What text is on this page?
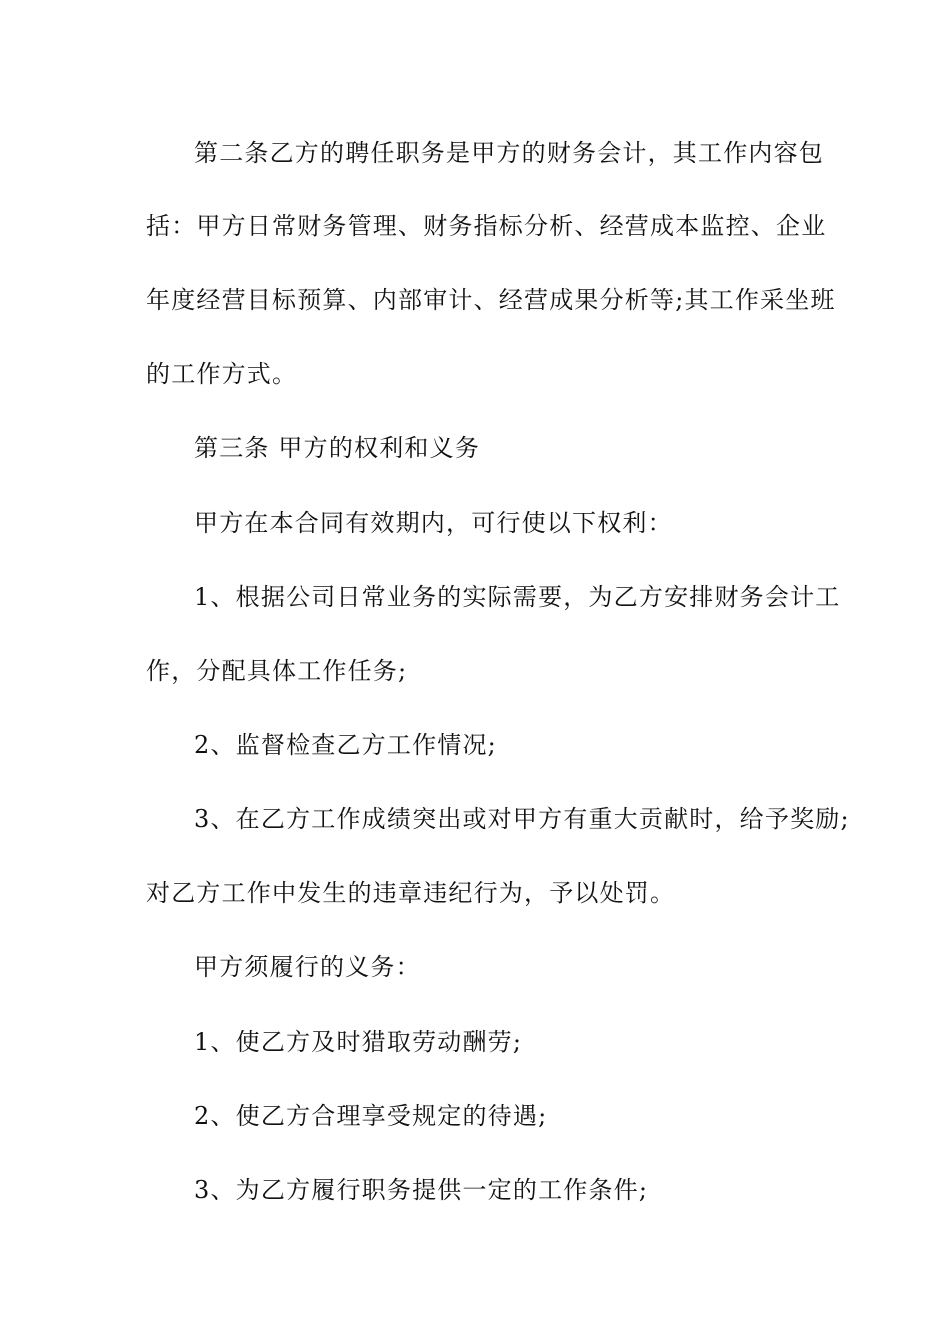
第二条乙方的聘任职务是甲方的财务会计，其工作内容包
括：甲方日常财务管理、财务指标分析、经营成本监控、企业
年度经营目标预算、内部审计、经营成果分析等;其工作采坐班
的工作方式。
第三条 甲方的权利和义务
甲方在本合同有效期内，可行使以下权利：
1、根据公司日常业务的实际需要，为乙方安排财务会计工
作，分配具体工作任务;
2、监督检查乙方工作情况;
3、在乙方工作成绩突出或对甲方有重大贡献时，给予奖励;
对乙方工作中发生的违章违纪行为，予以处罚。
甲方须履行的义务：
1、使乙方及时猎取劳动酬劳;
2、使乙方合理享受规定的待遇;
3、为乙方履行职务提供一定的工作条件;
